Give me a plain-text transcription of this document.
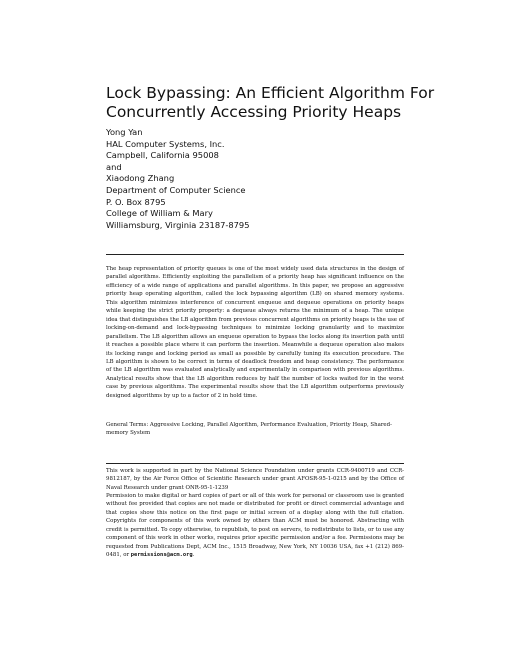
Lock Bypassing: An Efficient Algorithm For
Concurrently Accessing Priority Heaps
Yong Yan
HAL Computer Systems, Inc.
Campbell, California 95008
and
Xiaodong Zhang
Department of Computer Science
P. O. Box 8795
College of William & Mary
Williamsburg, Virginia 23187-8795

The heap representation of priority queues is one of the most widely used data structures in the design of parallel algorithms. Efficiently exploiting the parallelism of a priority heap has significant influence on the efficiency of a wide range of applications and parallel algorithms. In this paper, we propose an aggressive priority heap operating algorithm, called the lock bypassing algorithm (LB) on shared memory systems. This algorithm minimizes interference of concurrent enqueue and dequeue operations on priority heaps while keeping the strict priority property: a dequeue always returns the minimum of a heap. The unique idea that distinguishes the LB algorithm from previous concurrent algorithms on priority heaps is the use of locking-on-demand and lock-bypassing techniques to minimize locking granularity and to maximize parallelism. The LB algorithm allows an enqueue operation to bypass the locks along its insertion path until it reaches a possible place where it can perform the insertion. Meanwhile a dequeue operation also makes its locking range and locking period as small as possible by carefully tuning its execution procedure. The LB algorithm is shown to be correct in terms of deadlock freedom and heap consistency. The performance of the LB algorithm was evaluated analytically and experimentally in comparison with previous algorithms. Analytical results show that the LB algorithm reduces by half the number of locks waited for in the worst case by previous algorithms. The experimental results show that the LB algorithm outperforms previously designed algorithms by up to a factor of 2 in hold time.

General Terms: Aggressive Locking, Parallel Algorithm, Performance Evaluation, Priority Heap, Shared-memory System

This work is supported in part by the National Science Foundation under grants CCR-9400719 and CCR-9812187, by the Air Force Office of Scientific Research under grant AFOSR-95-1-0215 and by the Office of Naval Research under grant ONR-95-1-1239

Permission to make digital or hard copies of part or all of this work for personal or classroom use is granted without fee provided that copies are not made or distributed for profit or direct commercial advantage and that copies show this notice on the first page or initial screen of a display along with the full citation. Copyrights for components of this work owned by others than ACM must be honored. Abstracting with credit is permitted. To copy otherwise, to republish, to post on servers, to redistribute to lists, or to use any component of this work in other works, requires prior specific permission and/or a fee. Permissions may be requested from Publications Dept, ACM Inc., 1515 Broadway, New York, NY 10036 USA, fax +1 (212) 869-0481, or permissions@acm.org.
